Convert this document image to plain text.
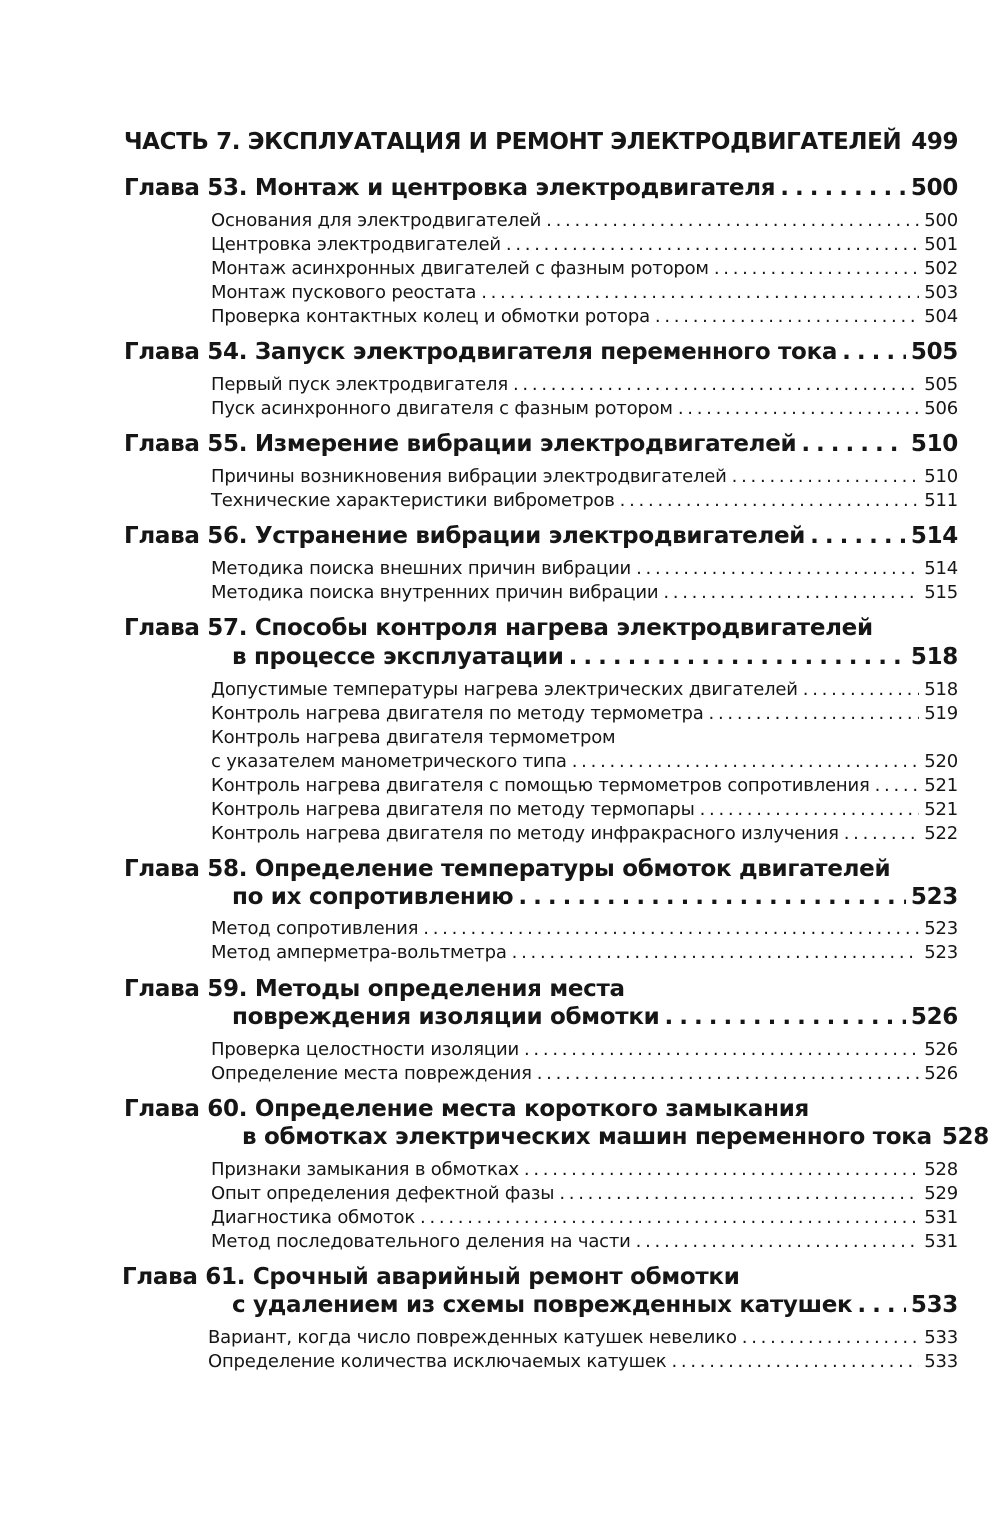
ЧАСТЬ 7. ЭКСПЛУАТАЦИЯ И РЕМОНТ ЭЛЕКТРОДВИГАТЕЛЕЙ 499
Глава 53. Монтаж и центровка электродвигателя . . .	500
Основания для электродвигателей . . .	500
Центровка электродвигателей . . .	501
Монтаж асинхронных двигателей с фазным ротором . . .	502
Монтаж пускового реостата . . .	503
Проверка контактных колец и обмотки ротора . . .	504
Глава 54. Запуск электродвигателя переменного тока . . .	505
Первый пуск электродвигателя . . .	505
Пуск асинхронного двигателя с фазным ротором . . .	506
Глава 55. Измерение вибрации электродвигателей . . .	510
Причины возникновения вибрации электродвигателей . . .	510
Технические характеристики виброметров . . .	511
Глава 56. Устранение вибрации электродвигателей . . .	514
Методика поиска внешних причин вибрации . . .	514
Методика поиска внутренних причин вибрации . . .	515
Глава 57. Способы контроля нагрева электродвигателей
в процессе эксплуатации . . .	518
Допустимые температуры нагрева электрических двигателей . . .	518
Контроль нагрева двигателя по методу термометра . . .	519
Контроль нагрева двигателя термометром
с указателем манометрического типа . . .	520
Контроль нагрева двигателя с помощью термометров сопротивления . . .	521
Контроль нагрева двигателя по методу термопары . . .	521
Контроль нагрева двигателя по методу инфракрасного излучения . . .	522
Глава 58. Определение температуры обмоток двигателей
по их сопротивлению . . .	523
Метод сопротивления . . .	523
Метод амперметра-вольтметра . . .	523
Глава 59. Методы определения места
повреждения изоляции обмотки . . .	526
Проверка целостности изоляции . . .	526
Определение места повреждения . . .	526
Глава 60. Определение места короткого замыкания
в обмотках электрических машин переменного тока 528
Признаки замыкания в обмотках . . .	528
Опыт определения дефектной фазы . . .	529
Диагностика обмоток . . .	531
Метод последовательного деления на части . . .	531
Глава 61. Срочный аварийный ремонт обмотки
с удалением из схемы поврежденных катушек . . .	533
Вариант, когда число поврежденных катушек невелико . . .	533
Определение количества исключаемых катушек . . .	533
